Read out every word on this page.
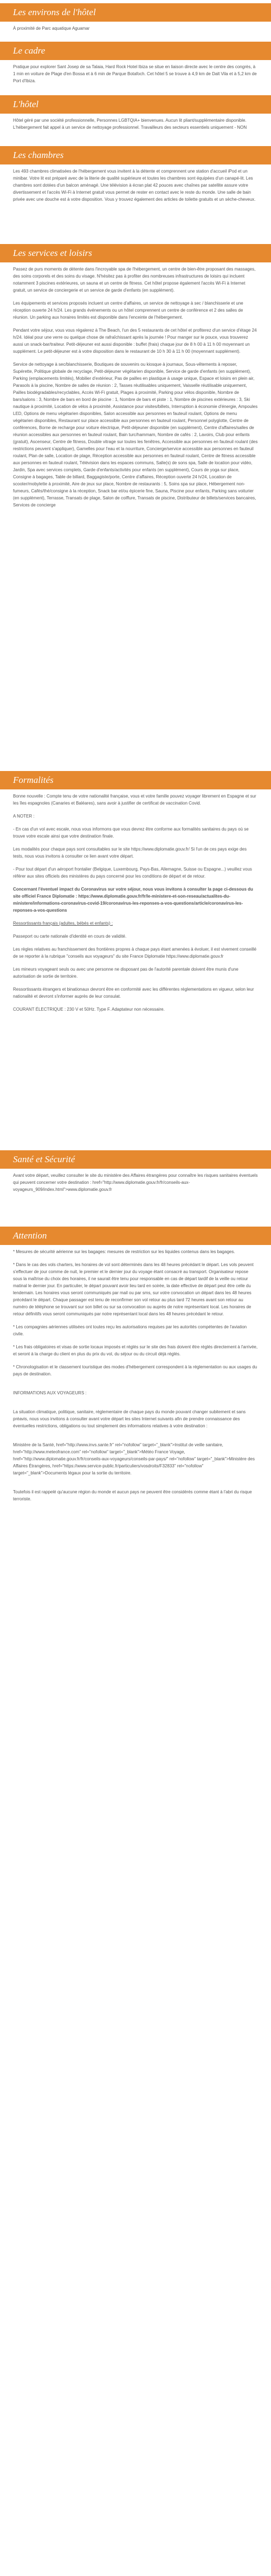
Les environs de l'hôtel

À proximité de Parc aquatique Aguamar

Le cadre

Pratique pour explorer Sant Josep de sa Talaia, Hard Rock Hotel Ibiza se situe en liaison directe avec le centre des congrès, à 1 min en voiture de Plage d'en Bossa et à 6 min de Parque Botafoch. Cet hôtel 5 se trouve à 4,9 km de Dalt Vila et à 5,2 km de Port d'Ibiza.

L'hôtel

Hôtel géré par une société professionnelle, Personnes LGBTQIA+ bienvenues. Aucun lit pliant/supplémentaire disponible. L'hébergement fait appel à un service de nettoyage professionnel. Travailleurs des secteurs essentiels uniquement - NON

Les chambres

Les 493 chambres climatisées de l'hébergement vous invitent à la détente et comprennent une station d'accueil iPod et un minibar. Votre lit est préparé avec de la literie de qualité supérieure et toutes les chambres sont équipées d'un canapé-lit. Les chambres sont dotées d'un balcon aménagé. Une télévision à écran plat 42 pouces avec chaînes par satellite assure votre divertissement et l'accès Wi-Fi à Internet gratuit vous permet de rester en contact avec le reste du monde. Une salle de bain privée avec une douche est à votre disposition. Vous y trouvez également des articles de toilette gratuits et un sèche-cheveux.

Les services et loisirs

Passez de purs moments de détente dans l'incroyable spa de l'hébergement, un centre de bien-être proposant des massages, des soins corporels et des soins du visage. N'hésitez pas à profiter des nombreuses infrastructures de loisirs qui incluent notamment 3 piscines extérieures, un sauna et un centre de fitness. Cet hôtel propose également l'accès Wi-Fi à Internet gratuit, un service de conciergerie et un service de garde d'enfants (en supplément).

Les équipements et services proposés incluent un centre d'affaires, un service de nettoyage à sec / blanchisserie et une réception ouverte 24 h/24. Les grands événements ou un hôtel comprennent un centre de conférence et 2 des salles de réunion. Un parking aux horaires limités est disponible dans l'enceinte de l'hébergement.

Pendant votre séjour, vous vous régalerez à The Beach, l'un des 5 restaurants de cet hôtel et profiterez d'un service d'étage 24 h/24. Idéal pour une verre ou quelque chose de rafraîchissant après la journée ! Pour manger sur le pouce, vous trouverez aussi un snack-bar/traiteur. Petit-déjeuner est aussi disponible : buffet (frais) chaque jour de 8 h 00 à 11 h 00 moyennant un supplément. Le petit-déjeuner est à votre disposition dans le restaurant de 10 h 30 à 11 h 00 (moyennant supplément).

Service de nettoyage à sec/blanchisserie, Boutiques de souvenirs ou kiosque à journaux, Sous-vêtements à reposer, Supérette, Politique globale de recyclage, Petit-déjeuner végétarien disponible, Service de garde d'enfants (en supplément), Parking (emplacements limités), Mobilier d'extérieur, Pas de pailles en plastique à usage unique, Espace et loisirs en plein air, Parasols à la piscine, Nombre de salles de réunion : 2, Tasses réutilisables uniquement, Vaisselle réutilisable uniquement, Pailles biodégradables/recyclables, Accès Wi-Fi gratuit, Plages à proximité, Parking pour vélos disponible, Nombre de bars/salons : 3, Nombre de bars en bord de piscine : 1, Nombre de bars et piste : 1, Nombre de piscines extérieures : 3, Ski nautique à proximité, Location de vélos à proximité, Assistance pour visites/billets, Interruption à économie d'énergie, Ampoules LED, Options de menu végétarien disponibles, Salon accessible aux personnes en fauteuil roulant, Options de menu végétarien disponibles, Restaurant sur place accessible aux personnes en fauteuil roulant, Personnel polyglotte, Centre de conférences, Borne de recharge pour voiture électrique, Petit-déjeuner disponible (en supplément), Centre d'affaires/salles de réunion accessibles aux personnes en fauteuil roulant, Bain turc/hammam, Nombre de cafés : 2, Lavoirs, Club pour enfants (gratuit), Ascenseur, Centre de fitness, Double vitrage sur toutes les fenêtres, Accessible aux personnes en fauteuil roulant (des restrictions peuvent s'appliquer), Gamelles pour l'eau et la nourriture, Concierge/service accessible aux personnes en fauteuil roulant, Plan de salle, Location de plage, Réception accessible aux personnes en fauteuil roulant, Centre de fitness accessible aux personnes en fauteuil roulant, Télévision dans les espaces communs, Salle(s) de sons spa, Salle de location pour vidéo, Jardin, Spa avec services complets, Garde d'enfants/activités pour enfants (en supplément), Cours de yoga sur place, Consigne à bagages, Table de billard, Baggagiste/porte, Centre d'affaires, Réception ouverte 24 h/24, Location de scooter/mobylette à proximité, Aire de jeux sur place, Nombre de restaurants : 5, Soins spa sur place, Hébergement non-fumeurs, Cafés/thé/consigne à la réception, Snack bar et/ou épicerie fine, Sauna, Piscine pour enfants, Parking sans voiturier (en supplément), Terrasse, Transats de plage, Salon de coiffure, Transats de piscine, Distributeur de billets/services bancaires, Services de concierge

Formalités

Bonne nouvelle : Compte tenu de votre nationalité française, vous et votre famille pouvez voyager librement en Espagne et sur les îles espagnoles (Canaries et Baléares), sans avoir à justifier de certificat de vaccination Covid.

A NOTER :

- En cas d'un vol avec escale, nous vous informons que vous devrez être conforme aux formalités sanitaires du pays où se trouve votre escale ainsi que votre destination finale.

Les modalités pour chaque pays sont consultables sur le site https://www.diplomatie.gouv.fr/ Si l'un de ces pays exige des tests, nous vous invitons à consulter ce lien avant votre départ.

- Pour tout départ d'un aéroport frontalier (Belgique, Luxembourg, Pays-Bas, Allemagne, Suisse ou Espagne...) veuillez vous référer aux sites officiels des ministères du pays concerné pour les conditions de départ et de retour.

Concernant l'éventuel impact du Coronavirus sur votre séjour, nous vous invitons à consulter la page ci-dessous du site officiel France Diplomatie : https://www.diplomatie.gouv.fr/fr/le-ministere-et-son-reseau/actualites-du-ministere/informations-coronavirus-covid-19/coronavirus-les-reponses-a-vos-questions/article/coronavirus-les-reponses-a-vos-questions

Ressortissants français (adultes, bébés et enfants) :

Passeport ou carte nationale d'identité en cours de validité.

Les règles relatives au franchissement des frontières propres à chaque pays étant amenées à évoluer, il est vivement conseillé de se reporter à la rubrique "conseils aux voyageurs" du site France Diplomatie https://www.diplomatie.gouv.fr

Les mineurs voyageant seuls ou avec une personne ne disposant pas de l'autorité parentale doivent être munis d'une autorisation de sortie de territoire.

Ressortissants étrangers et binationaux devront être en conformité avec les différentes réglementations en vigueur, selon leur nationalité et devront s'informer auprès de leur consulat.

COURANT ÉLECTRIQUE : 230 V et 50Hz. Type F. Adaptateur non nécessaire.

Santé et Sécurité

Avant votre départ, veuillez consulter le site du ministère des Affaires étrangères pour connaître les risques sanitaires éventuels qui peuvent concerner votre destination : href="http://www.diplomatie.gouv.fr/fr/conseils-aux-voyageurs_909/index.html">www.diplomatie.gouv.fr

Attention

* Mesures de sécurité aérienne sur les bagages: mesures de restriction sur les liquides contenus dans les bagages.

* Dans le cas des vols charters, les horaires de vol sont déterminés dans les 48 heures précédant le départ. Les vols peuvent s'effectuer de jour comme de nuit, le premier et le dernier jour du voyage étant consacré au transport. Organisateur repose sous la maîtrise du choix des horaires, il ne saurait être tenu pour responsable en cas de départ tardif de la veille ou retour matinal le dernier jour. En particulier, le départ pouvant avoir lieu tard en soirée, la date effective de départ peut être celle du lendemain. Les horaires vous seront communiqués par mail ou par sms, sur votre convocation un départ dans les 48 heures précédant le départ. Chaque passager est tenu de reconfirmer son vol retour au plus tard 72 heures avant son retour au numéro de téléphone se trouvant sur son billet ou sur sa convocation ou auprès de notre représentant local. Les horaires de retour définitifs vous seront communiqués par notre représentant local dans les 48 heures précédant le retour.

* Les compagnies aériennes utilisées ont toutes reçu les autorisations requises par les autorités compétentes de l'aviation civile.

* Les frais obligatoires et visas de sortie locaux imposés et réglés sur le site des frais doivent être réglés directement à l'arrivée, et seront à la charge du client en plus du prix du vol, du séjour ou du circuit déjà réglés.

* Chronologisation et le classement touristique des modes d'hébergement correspondent à la réglementation ou aux usages du pays de destination.

INFORMATIONS AUX VOYAGEURS :

La situation climatique, politique, sanitaire, réglementaire de chaque pays du monde pouvant changer subitement et sans préavis, nous vous invitons à consulter avant votre départ les sites Internet suivants afin de prendre connaissance des éventuelles restrictions, obligations ou tout simplement des informations relatives à votre destination :

Ministère de la Santé, href="http://www.invs.sante.fr" rel="nofollow" target="_blank">Institut de veille sanitaire, href="http://www.meteofrance.com" rel="nofollow" target="_blank">Météo France Voyage, href="http://www.diplomatie.gouv.fr/fr/conseils-aux-voyageurs/conseils-par-pays/" rel="nofollow" target="_blank">Ministère des Affaires Étrangères, href="https://www.service-public.fr/particuliers/vosdroits/F32833" rel="nofollow" target="_blank">Documents légaux pour la sortie du territoire.

Toutefois il est rappelé qu'aucune région du monde et aucun pays ne peuvent être considérés comme étant à l'abri du risque terroriste.
